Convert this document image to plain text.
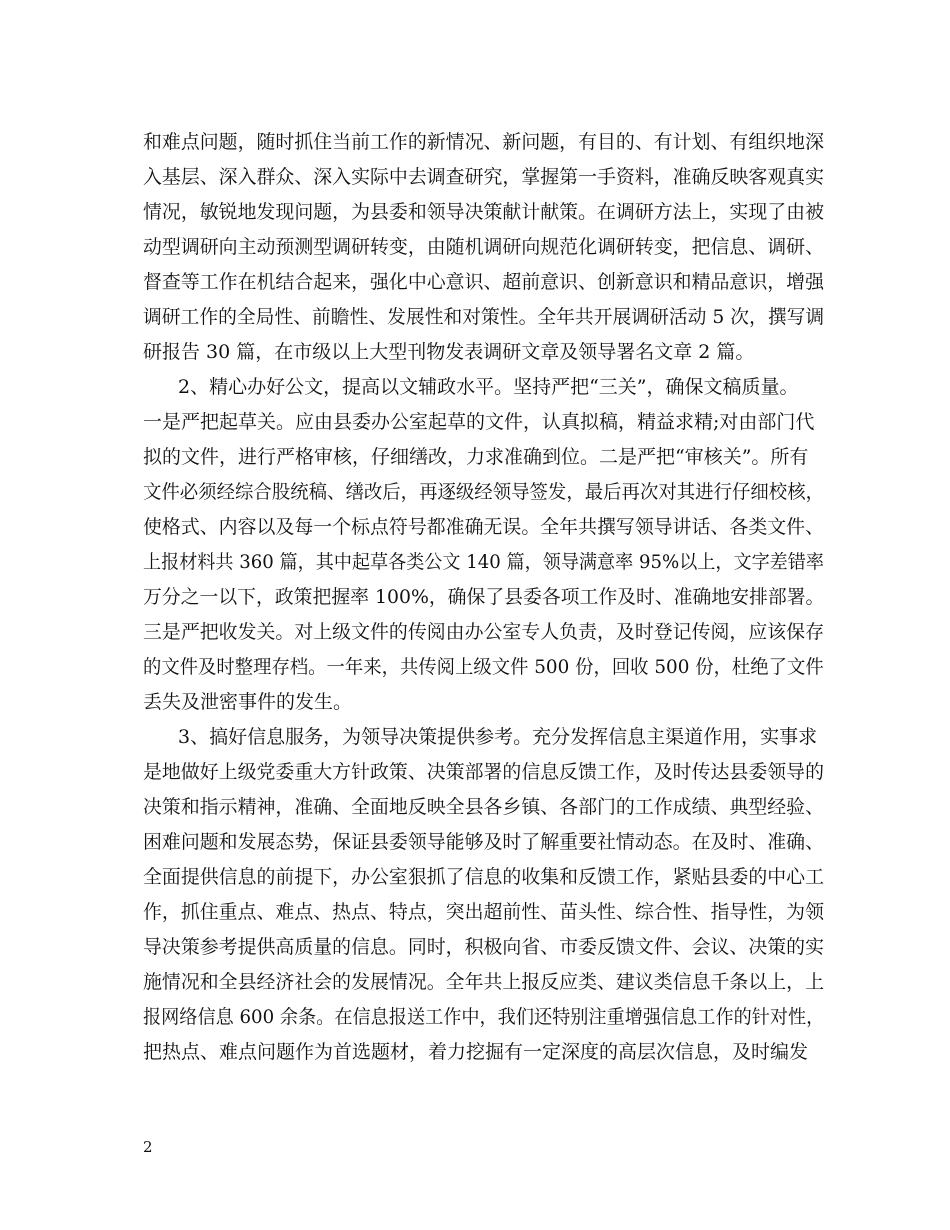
和难点问题，随时抓住当前工作的新情况、新问题，有目的、有计划、有组织地深
入基层、深入群众、深入实际中去调查研究，掌握第一手资料，准确反映客观真实
情况，敏锐地发现问题，为县委和领导决策献计献策。在调研方法上，实现了由被
动型调研向主动预测型调研转变，由随机调研向规范化调研转变，把信息、调研、
督查等工作在机结合起来，强化中心意识、超前意识、创新意识和精品意识，增强
调研工作的全局性、前瞻性、发展性和对策性。全年共开展调研活动 5 次，撰写调
研报告 30 篇，在市级以上大型刊物发表调研文章及领导署名文章 2 篇。
2、精心办好公文，提高以文辅政水平。坚持严把“三关”，确保文稿质量。
一是严把起草关。应由县委办公室起草的文件，认真拟稿，精益求精;对由部门代
拟的文件，进行严格审核，仔细缮改，力求准确到位。二是严把“审核关”。所有
文件必须经综合股统稿、缮改后，再逐级经领导签发，最后再次对其进行仔细校核，
使格式、内容以及每一个标点符号都准确无误。全年共撰写领导讲话、各类文件、
上报材料共 360 篇，其中起草各类公文 140 篇，领导满意率 95%以上，文字差错率
万分之一以下，政策把握率 100%，确保了县委各项工作及时、准确地安排部署。
三是严把收发关。对上级文件的传阅由办公室专人负责，及时登记传阅，应该保存
的文件及时整理存档。一年来，共传阅上级文件 500 份，回收 500 份，杜绝了文件
丢失及泄密事件的发生。
3、搞好信息服务，为领导决策提供参考。充分发挥信息主渠道作用，实事求
是地做好上级党委重大方针政策、决策部署的信息反馈工作，及时传达县委领导的
决策和指示精神，准确、全面地反映全县各乡镇、各部门的工作成绩、典型经验、
困难问题和发展态势，保证县委领导能够及时了解重要社情动态。在及时、准确、
全面提供信息的前提下，办公室狠抓了信息的收集和反馈工作，紧贴县委的中心工
作，抓住重点、难点、热点、特点，突出超前性、苗头性、综合性、指导性，为领
导决策参考提供高质量的信息。同时，积极向省、市委反馈文件、会议、决策的实
施情况和全县经济社会的发展情况。全年共上报反应类、建议类信息千条以上，上
报网络信息 600 余条。在信息报送工作中，我们还特别注重增强信息工作的针对性，
把热点、难点问题作为首选题材，着力挖掘有一定深度的高层次信息，及时编发
2
